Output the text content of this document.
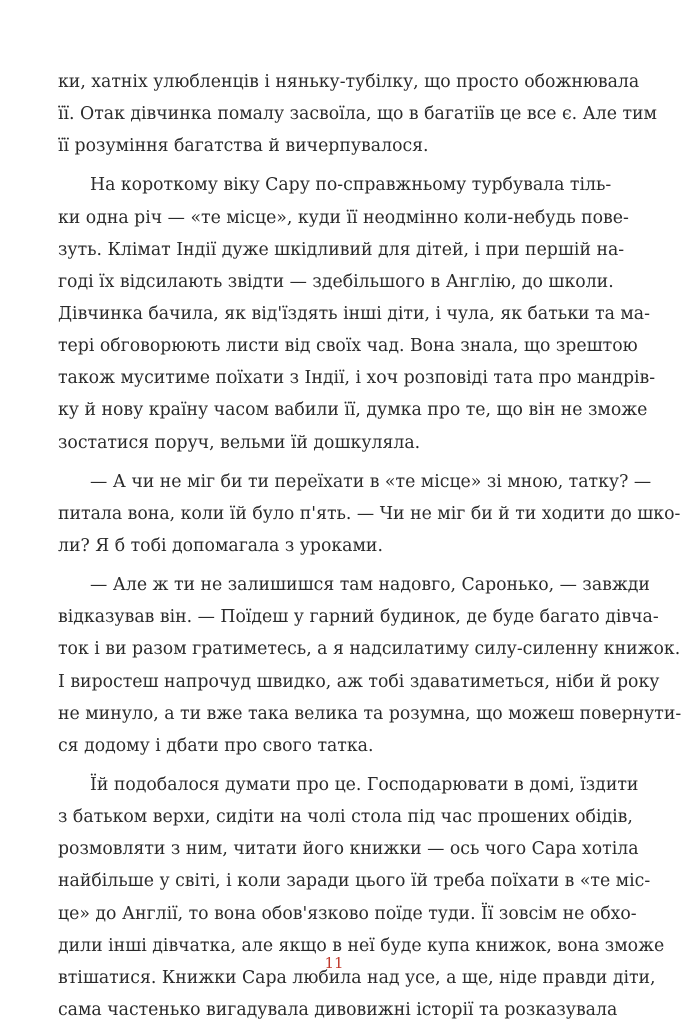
ки, хатніх улюбленців і няньку-тубілку, що просто обожнювала
її. Отак дівчинка помалу засвоїла, що в багатіїв це все є. Але тим
її розуміння багатства й вичерпувалося.
На короткому віку Сару по-справжньому турбувала тіль-
ки одна річ — «те місце», куди її неодмінно коли-небудь пове-
зуть. Клімат Індії дуже шкідливий для дітей, і при першій на-
годі їх відсилають звідти — здебільшого в Англію, до школи.
Дівчинка бачила, як від'їздять інші діти, і чула, як батьки та ма-
тері обговорюють листи від своїх чад. Вона знала, що зрештою
також муситиме поїхати з Індії, і хоч розповіді тата про мандрів-
ку й нову країну часом вабили її, думка про те, що він не зможе
зостатися поруч, вельми їй дошкуляла.
— А чи не міг би ти переїхати в «те місце» зі мною, татку? —
питала вона, коли їй було п'ять. — Чи не міг би й ти ходити до шко-
ли? Я б тобі допомагала з уроками.
— Але ж ти не залишишся там надовго, Саронько, — завжди
відказував він. — Поїдеш у гарний будинок, де буде багато дівча-
ток і ви разом гратиметесь, а я надсилатиму силу-силенну книжок.
І виростеш напрочуд швидко, аж тобі здаватиметься, ніби й року
не минуло, а ти вже така велика та розумна, що можеш повернути-
ся додому і дбати про свого татка.
Їй подобалося думати про це. Господарювати в домі, їздити
з батьком верхи, сидіти на чолі стола під час прошених обідів,
розмовляти з ним, читати його книжки — ось чого Сара хотіла
найбільше у світі, і коли заради цього їй треба поїхати в «те міс-
це» до Англії, то вона обов'язково поїде туди. Її зовсім не обхо-
дили інші дівчатка, але якщо в неї буде купа книжок, вона зможе
втішатися. Книжки Сара любила над усе, а ще, ніде правди діти,
сама частенько вигадувала дивовижні історії та розказувала
11
